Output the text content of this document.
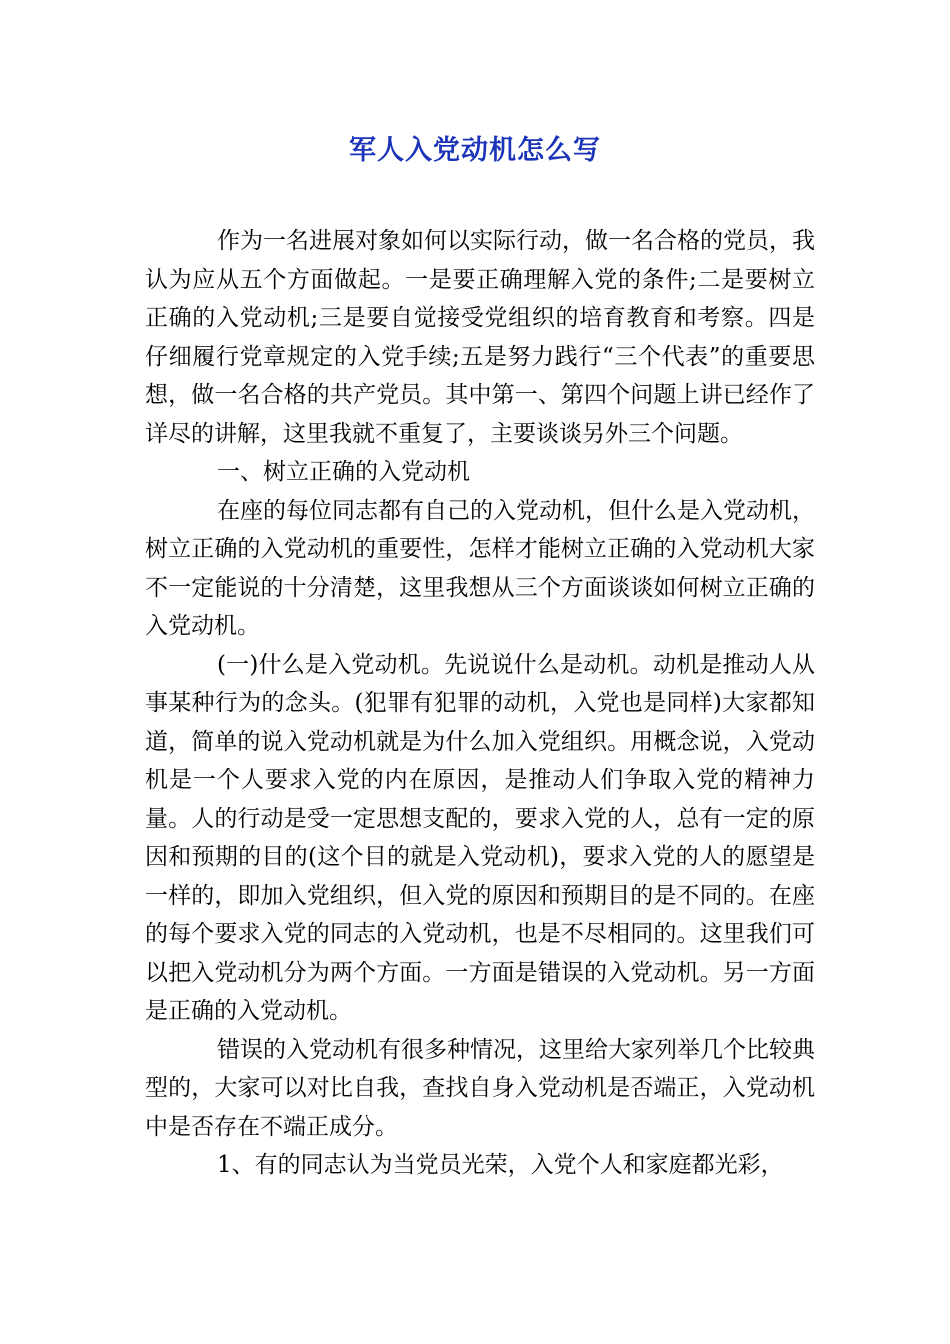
军人入党动机怎么写

作为一名进展对象如何以实际行动，做一名合格的党员，我认为应从五个方面做起。一是要正确理解入党的条件;二是要树立正确的入党动机;三是要自觉接受党组织的培育教育和考察。四是仔细履行党章规定的入党手续;五是努力践行“三个代表”的重要思想，做一名合格的共产党员。其中第一、第四个问题上讲已经作了详尽的讲解，这里我就不重复了，主要谈谈另外三个问题。

一、树立正确的入党动机

在座的每位同志都有自己的入党动机，但什么是入党动机，树立正确的入党动机的重要性，怎样才能树立正确的入党动机大家不一定能说的十分清楚，这里我想从三个方面谈谈如何树立正确的入党动机。

(一)什么是入党动机。先说说什么是动机。动机是推动人从事某种行为的念头。(犯罪有犯罪的动机，入党也是同样)大家都知道，简单的说入党动机就是为什么加入党组织。用概念说，入党动机是一个人要求入党的内在原因，是推动人们争取入党的精神力量。人的行动是受一定思想支配的，要求入党的人，总有一定的原因和预期的目的(这个目的就是入党动机)，要求入党的人的愿望是一样的，即加入党组织，但入党的原因和预期目的是不同的。在座的每个要求入党的同志的入党动机，也是不尽相同的。这里我们可以把入党动机分为两个方面。一方面是错误的入党动机。另一方面是正确的入党动机。

错误的入党动机有很多种情况，这里给大家列举几个比较典型的，大家可以对比自我，查找自身入党动机是否端正，入党动机中是否存在不端正成分。

1、有的同志认为当党员光荣，入党个人和家庭都光彩，
